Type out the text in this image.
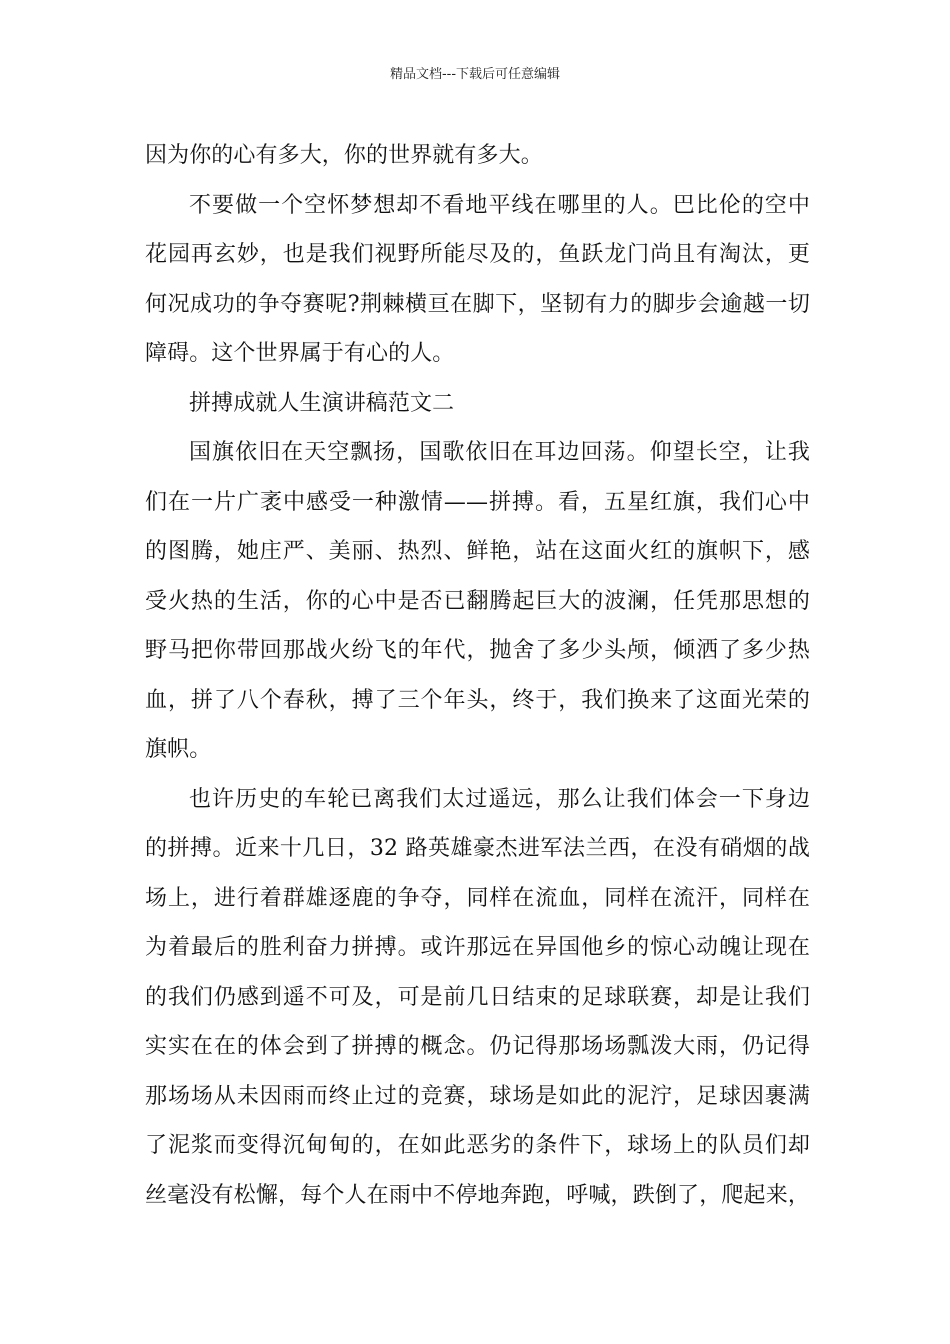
精品文档---下载后可任意编辑

因为你的心有多大，你的世界就有多大。

不要做一个空怀梦想却不看地平线在哪里的人。巴比伦的空中
花园再玄妙，也是我们视野所能尽及的，鱼跃龙门尚且有淘汰，更
何况成功的争夺赛呢?荆棘横亘在脚下，坚韧有力的脚步会逾越一切
障碍。这个世界属于有心的人。

拼搏成就人生演讲稿范文二

国旗依旧在天空飘扬，国歌依旧在耳边回荡。仰望长空，让我
们在一片广袤中感受一种激情——拼搏。看，五星红旗，我们心中
的图腾，她庄严、美丽、热烈、鲜艳，站在这面火红的旗帜下，感
受火热的生活，你的心中是否已翻腾起巨大的波澜，任凭那思想的
野马把你带回那战火纷飞的年代，抛舍了多少头颅，倾洒了多少热
血，拼了八个春秋，搏了三个年头，终于，我们换来了这面光荣的
旗帜。

也许历史的车轮已离我们太过遥远，那么让我们体会一下身边
的拼搏。近来十几日，32 路英雄豪杰进军法兰西，在没有硝烟的战
场上，进行着群雄逐鹿的争夺，同样在流血，同样在流汗，同样在
为着最后的胜利奋力拼搏。或许那远在异国他乡的惊心动魄让现在
的我们仍感到遥不可及，可是前几日结束的足球联赛，却是让我们
实实在在的体会到了拼搏的概念。仍记得那场场瓢泼大雨，仍记得
那场场从未因雨而终止过的竞赛，球场是如此的泥泞，足球因裹满
了泥浆而变得沉甸甸的，在如此恶劣的条件下，球场上的队员们却
丝毫没有松懈，每个人在雨中不停地奔跑，呼喊，跌倒了，爬起来，
